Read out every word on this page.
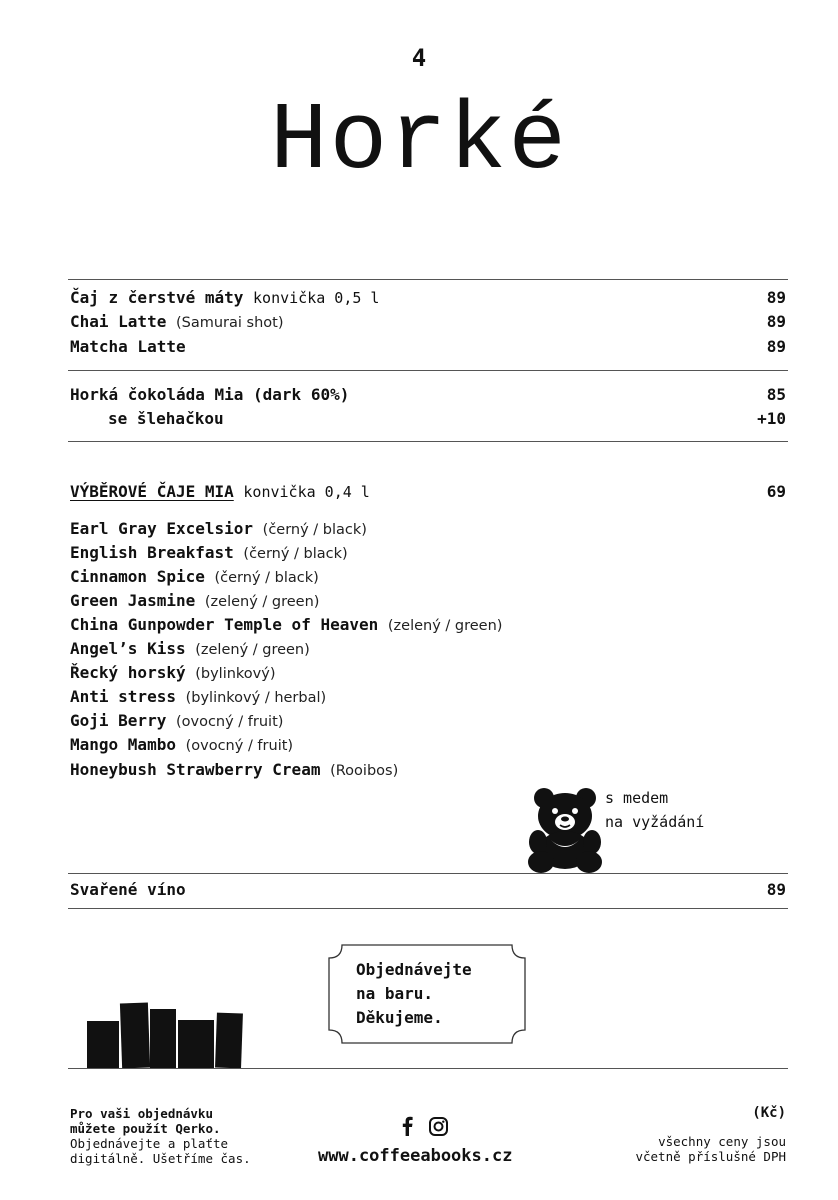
4
Horké
Čaj z čerstvé máty konvička 0,5 l	89
Chai Latte (Samurai shot)	89
Matcha Latte	89
Horká čokoláda Mia (dark 60%)	85
se šlehačkou	+10
VÝBĚROVÉ ČAJE MIA konvička 0,4 l	69
Earl Gray Excelsior (černý / black)
English Breakfast (černý / black)
Cinnamon Spice (černý / black)
Green Jasmine (zelený / green)
China Gunpowder Temple of Heaven (zelený / green)
Angel’s Kiss (zelený / green)
Řecký horský (bylinkový)
Anti stress (bylinkový / herbal)
Goji Berry (ovocný / fruit)
Mango Mambo (ovocný / fruit)
Honeybush Strawberry Cream (Rooibos)
s medem
na vyžádání
Svařené víno	89
Objednávejte
na baru.
Děkujeme.
Pro vaši objednávku
můžete použít Qerko.
Objednávejte a plaťte
digitálně. Ušetříme čas.	www.coffeeabooks.cz
(Kč)
všechny ceny jsou
včetně příslušné DPH
